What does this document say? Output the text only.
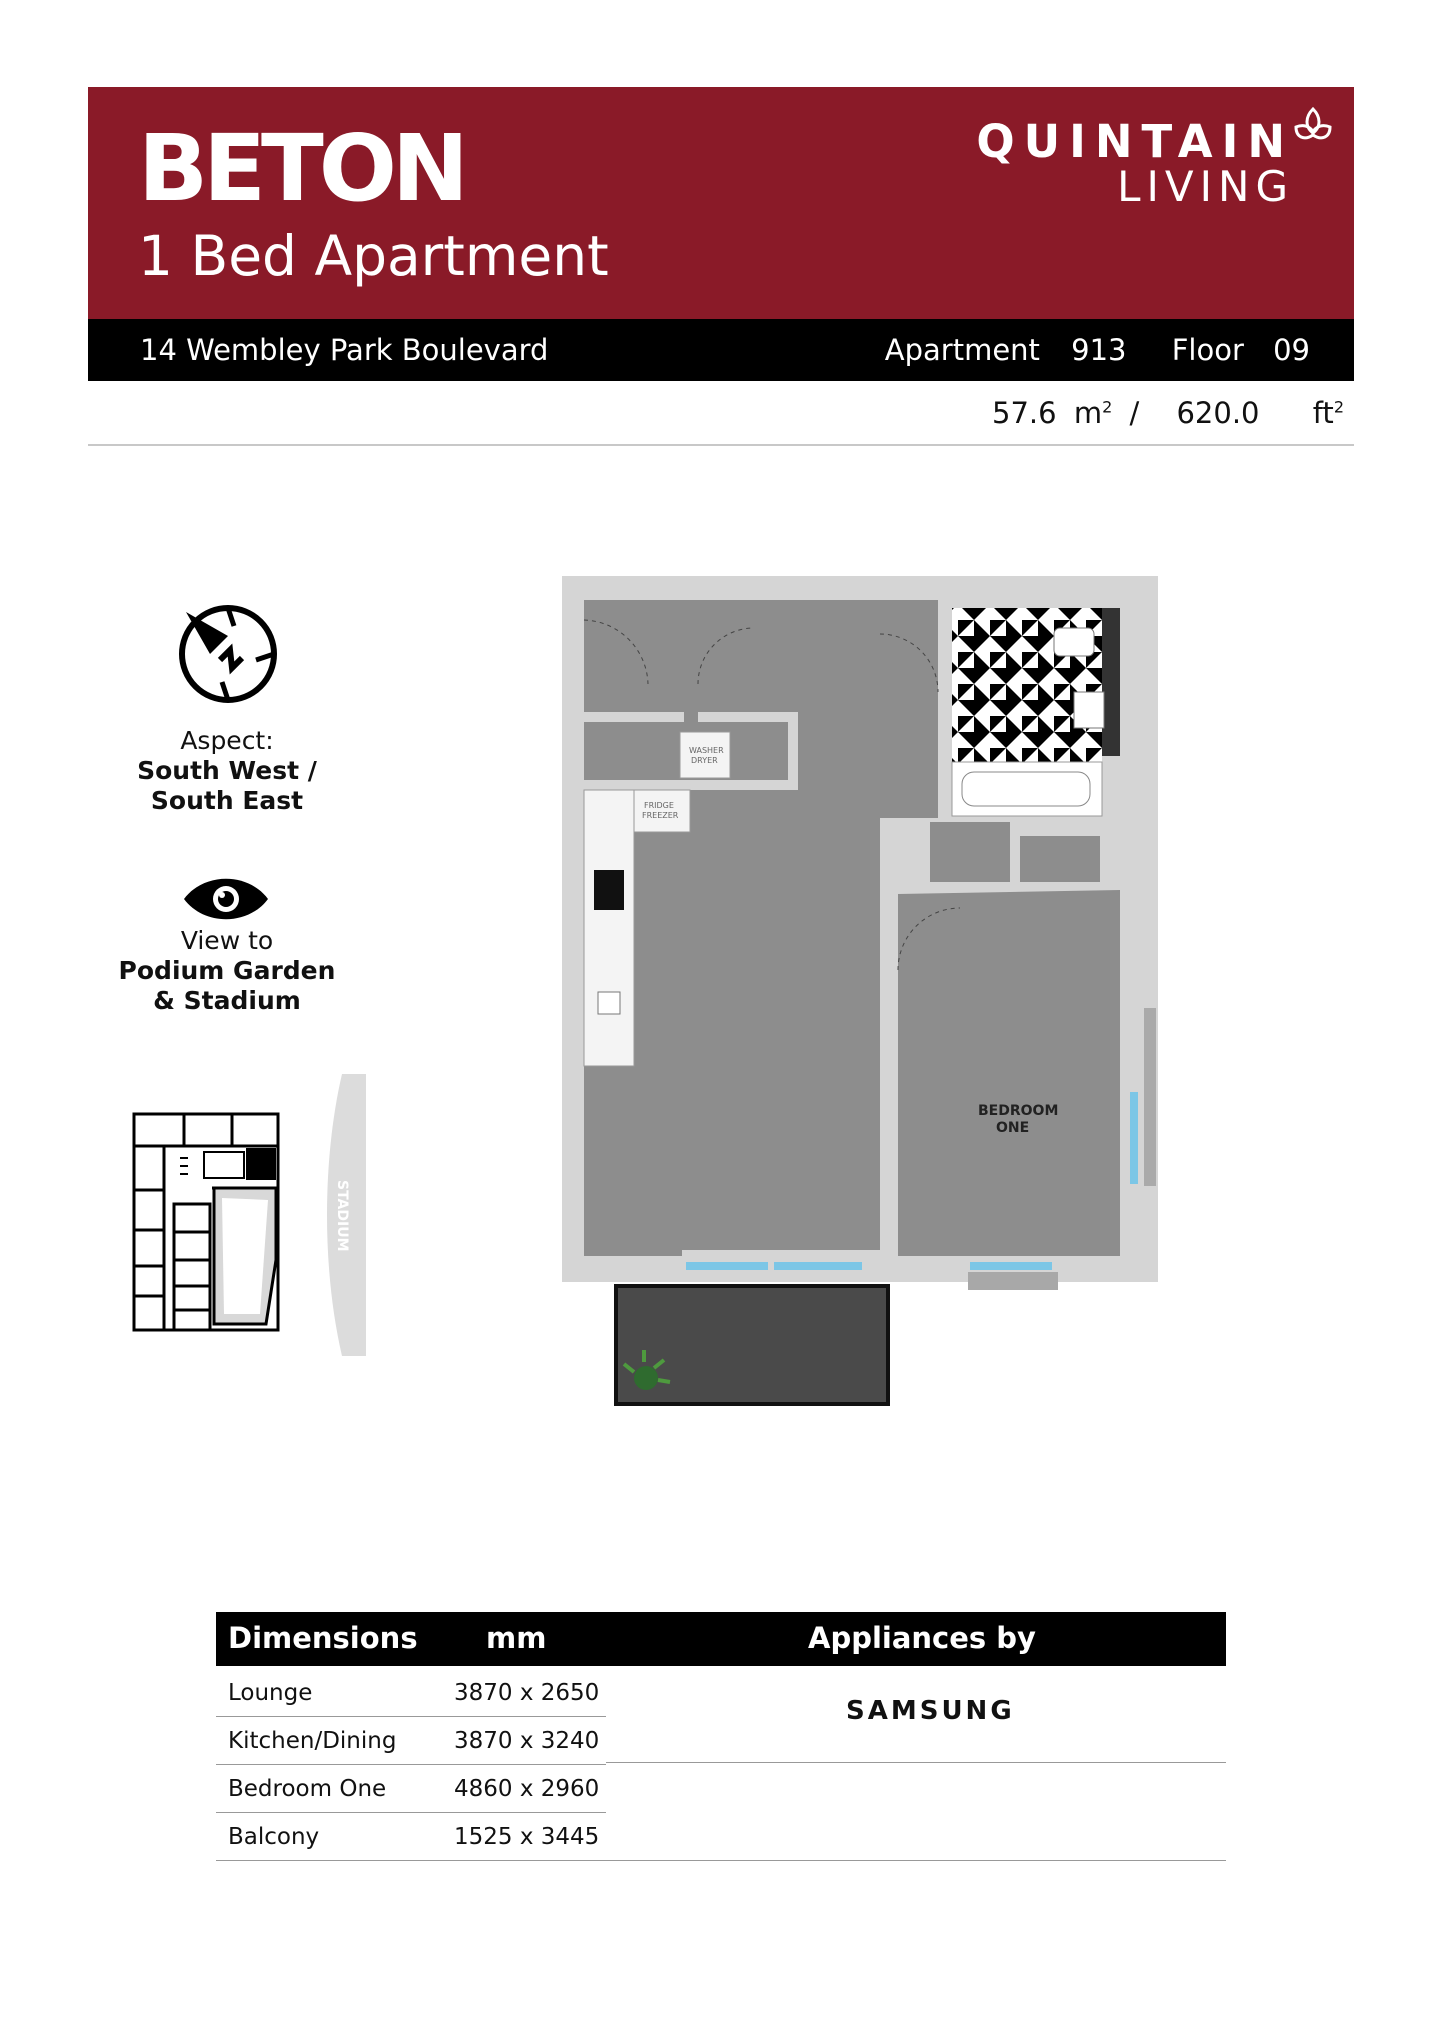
BETON
1 Bed Apartment
QUINTAIN
LIVING
14 Wembley Park Boulevard	Apartment 913 Floor 09
57.6 $m^2 / 620.0$ $ft^2$
Aspect:
South West /
South East
View to
Podium Garden
& Stadium
STADIUM
FRIDGE
FREEZER
WASHER
DRYER
BEDROOM
ONE
Dimensions mm	Appliances by
Lounge	3870 x 2650
Kitchen/Dining	3870 x 3240
Bedroom One	4860 x 2960
Balcony	1525 x 3445
SAMSUNG
